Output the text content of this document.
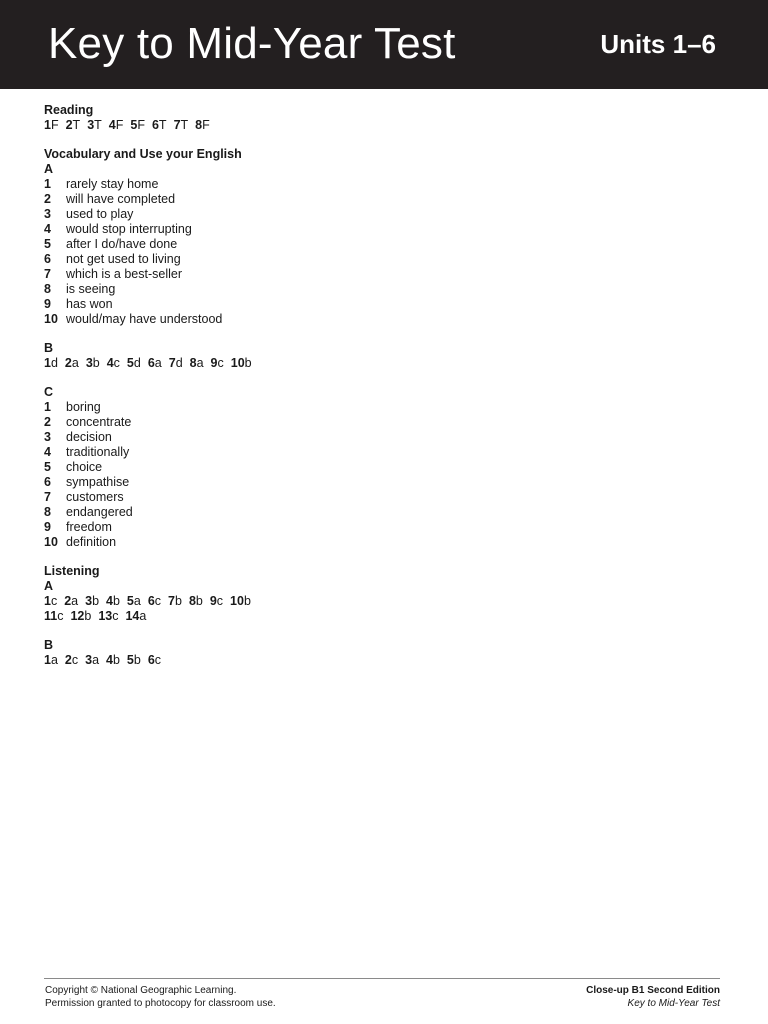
Key to Mid-Year Test	Units 1–6
Reading
1F 2T 3T 4F 5F 6T 7T 8F
Vocabulary and Use your English
A
1 rarely stay home
2 will have completed
3 used to play
4 would stop interrupting
5 after I do/have done
6 not get used to living
7 which is a best-seller
8 is seeing
9 has won
10 would/may have understood
B
1d 2a 3b 4c 5d 6a 7d 8a 9c 10b
C
1 boring
2 concentrate
3 decision
4 traditionally
5 choice
6 sympathise
7 customers
8 endangered
9 freedom
10 definition
Listening
A
1c 2a 3b 4b 5a 6c 7b 8b 9c 10b
11c 12b 13c 14a
B
1a 2c 3a 4b 5b 6c
Copyright © National Geographic Learning.
Permission granted to photocopy for classroom use.
Close-up B1 Second Edition
Key to Mid-Year Test
